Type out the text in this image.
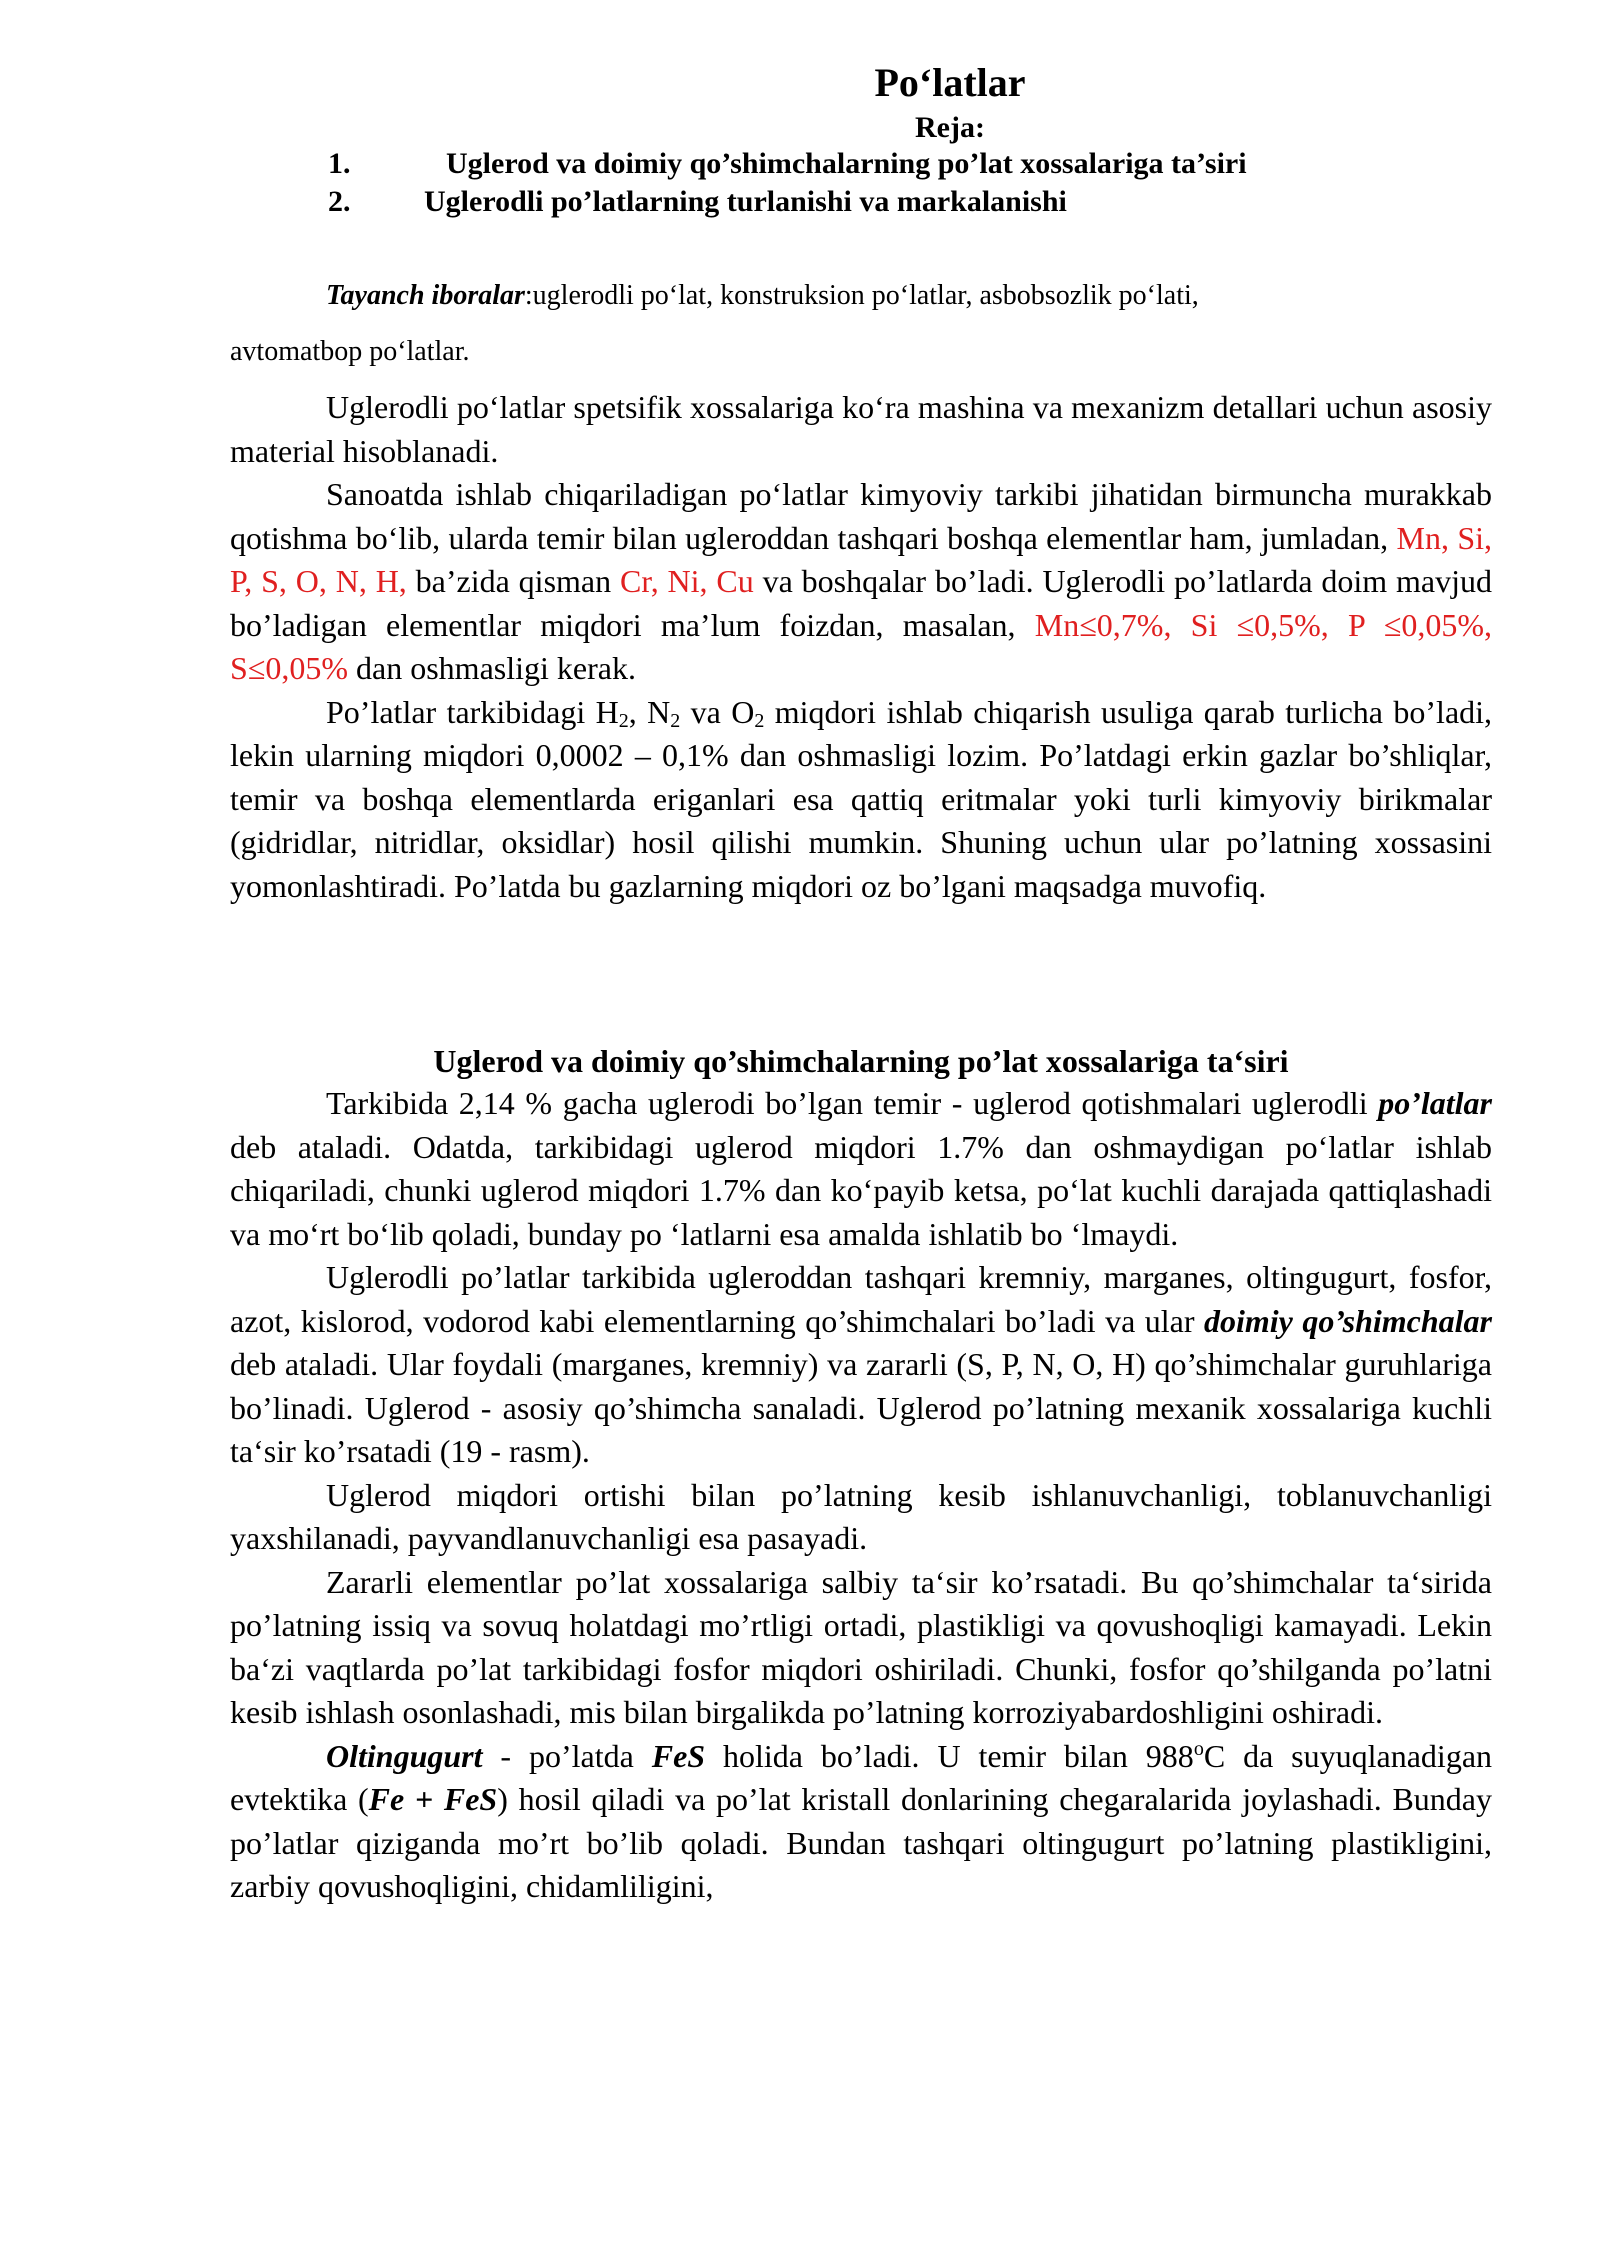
Po‘latlar
Reja:
1.	Uglerod va doimiy qo’shimchalarning po’lat xossalariga ta’siri
2. Uglerodli po’latlarning turlanishi va markalanishi

Tayanch iboralar:uglerodli po‘lat, konstruksion po‘latlar, asbobsozlik po‘lati,

avtomatbop po‘latlar.

Uglerodli po‘latlar spetsifik xossalariga ko‘ra mashina va mexanizm detallari uchun asosiy material hisoblanadi.

Sanoatda ishlab chiqariladigan po‘latlar kimyoviy tarkibi jihatidan birmuncha murakkab qotishma bo‘lib, ularda temir bilan ugleroddan tashqari boshqa elementlar ham, jumladan, Mn, Si, P, S, O, N, H, ba’zida qisman Cr, Ni, Cu va boshqalar bo’ladi. Uglerodli po’latlarda doim mavjud bo’ladigan elementlar miqdori ma’lum foizdan, masalan, Mn≤0,7%, Si ≤0,5%, P ≤0,05%, S≤0,05% dan oshmasligi kerak.

Po’latlar tarkibidagi $H_2$, $N_2$ va $O_2$ miqdori ishlab chiqarish usuliga qarab turlicha bo’ladi, lekin ularning miqdori 0,0002 – 0,1% dan oshmasligi lozim. Po’latdagi erkin gazlar bo’shliqlar, temir va boshqa elementlarda eriganlari esa qattiq eritmalar yoki turli kimyoviy birikmalar (gidridlar, nitridlar, oksidlar) hosil qilishi mumkin. Shuning uchun ular po’latning xossasini yomonlashtiradi. Po’latda bu gazlarning miqdori oz bo’lgani maqsadga muvofiq.

Uglerod va doimiy qo’shimchalarning po’lat xossalariga ta‘siri

Tarkibida 2,14 % gacha uglerodi bo’lgan temir - uglerod qotishmalari uglerodli po’latlar deb ataladi. Odatda, tarkibidagi uglerod miqdori 1.7% dan oshmaydigan po‘latlar ishlab chiqariladi, chunki uglerod miqdori 1.7% dan ko‘payib ketsa, po‘lat kuchli darajada qattiqlashadi va mo‘rt bo‘lib qoladi, bunday po ‘latlarni esa amalda ishlatib bo ‘lmaydi.

Uglerodli po’latlar tarkibida ugleroddan tashqari kremniy, marganes, oltingugurt, fosfor, azot, kislorod, vodorod kabi elementlarning qo’shimchalari bo’ladi va ular doimiy qo’shimchalar deb ataladi. Ular foydali (marganes, kremniy) va zararli (S, P, N, O, H) qo’shimchalar guruhlariga bo’linadi. Uglerod - asosiy qo’shimcha sanaladi. Uglerod po’latning mexanik xossalariga kuchli ta‘sir ko’rsatadi (19 - rasm).

Uglerod miqdori ortishi bilan po’latning kesib ishlanuvchanligi, toblanuvchanligi yaxshilanadi, payvandlanuvchanligi esa pasayadi.

Zararli elementlar po’lat xossalariga salbiy ta‘sir ko’rsatadi. Bu qo’shimchalar ta‘sirida po’latning issiq va sovuq holatdagi mo’rtligi ortadi, plastikligi va qovushoqligi kamayadi. Lekin ba‘zi vaqtlarda po’lat tarkibidagi fosfor miqdori oshiriladi. Chunki, fosfor qo’shilganda po’latni kesib ishlash osonlashadi, mis bilan birgalikda po’latning korroziyabardoshligini oshiradi.

Oltingugurt - po’latda FeS holida bo’ladi. U temir bilan 988$^o$C da suyuqlanadigan evtektika (Fe + FeS) hosil qiladi va po’lat kristall donlarining chegaralarida joylashadi. Bunday po’latlar qiziganda mo’rt bo’lib qoladi. Bundan tashqari oltingugurt po’latning plastikligini, zarbiy qovushoqligini, chidamliligini,
